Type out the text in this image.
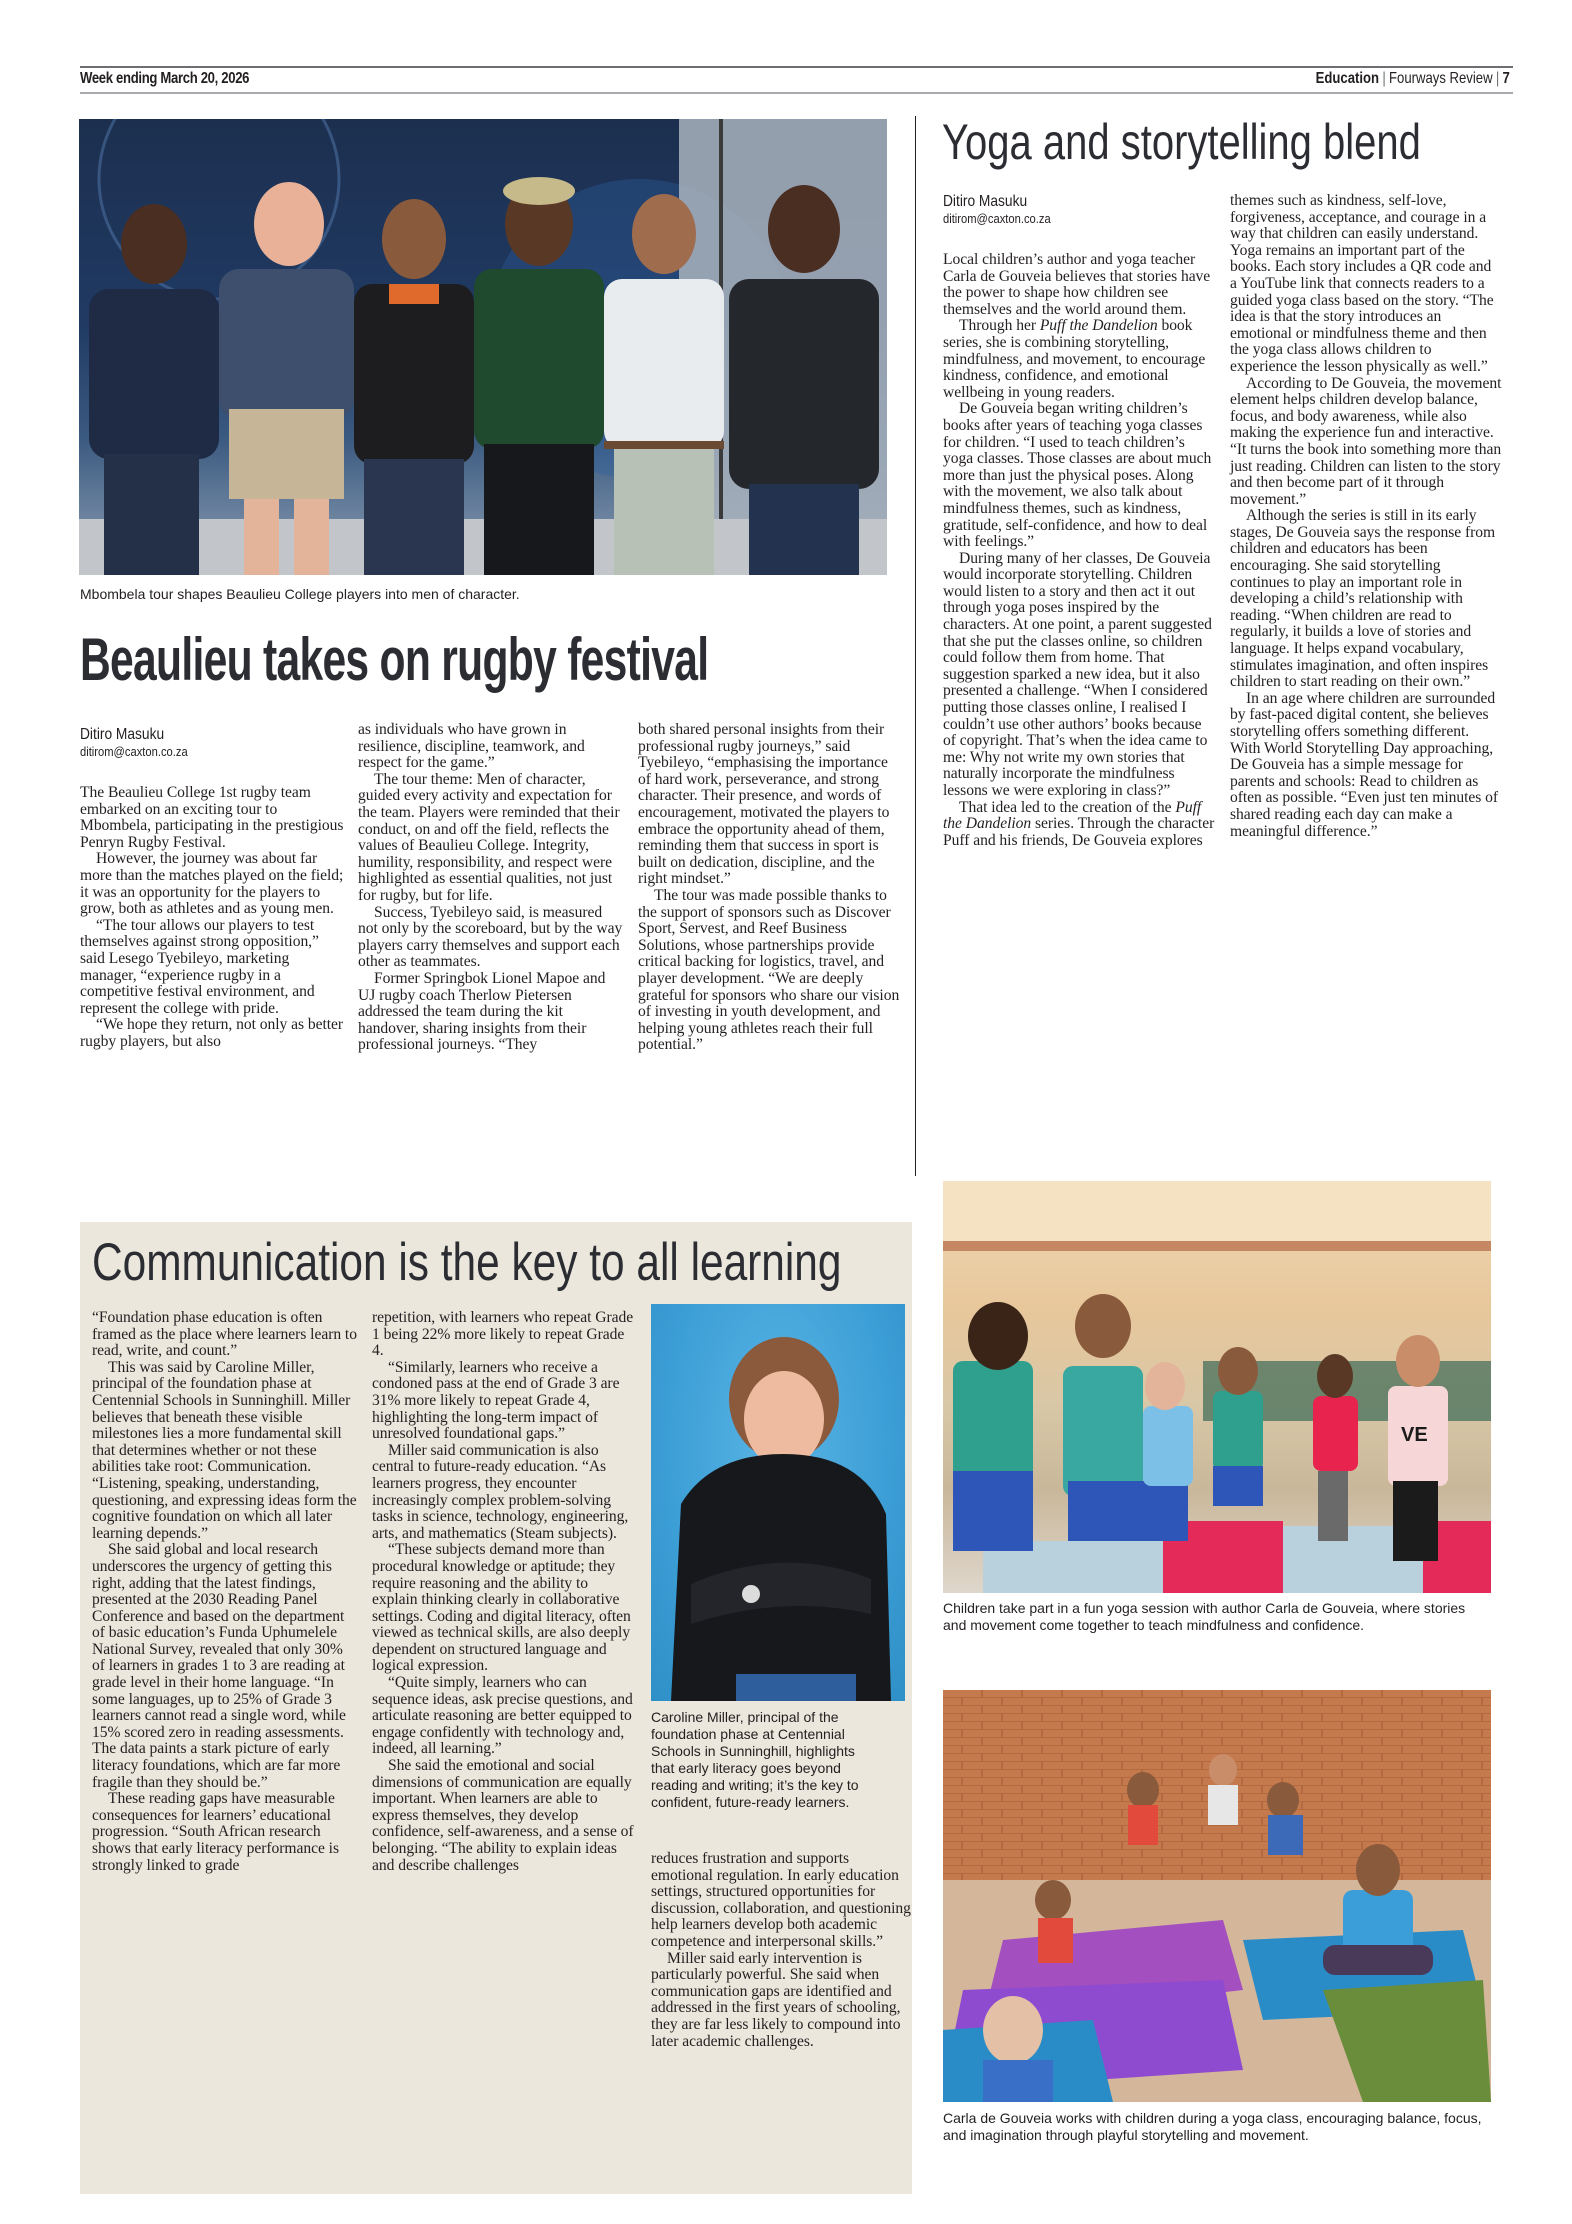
Week ending March 20, 2026	Education | Fourways Review | 7
Mbombela tour shapes Beaulieu College players into men of character.
Beaulieu takes on rugby festival
Ditiro Masuku
ditirom@caxton.co.za

The Beaulieu College 1st rugby team embarked on an exciting tour to Mbombela, participating in the prestigious Penryn Rugby Festival.

However, the journey was about far more than the matches played on the field; it was an opportunity for the players to grow, both as athletes and as young men.

“The tour allows our players to test themselves against strong opposition,” said Lesego Tyebileyo, marketing manager, “experience rugby in a competitive festival environment, and represent the college with pride.

“We hope they return, not only as better rugby players, but also

as individuals who have grown in resilience, discipline, teamwork, and respect for the game.”

The tour theme: Men of character, guided every activity and expectation for the team. Players were reminded that their conduct, on and off the field, reflects the values of Beaulieu College. Integrity, humility, responsibility, and respect were highlighted as essential qualities, not just for rugby, but for life.

Success, Tyebileyo said, is measured not only by the scoreboard, but by the way players carry themselves and support each other as teammates.

Former Springbok Lionel Mapoe and UJ rugby coach Therlow Pietersen addressed the team during the kit handover, sharing insights from their professional journeys. “They

both shared personal insights from their professional rugby journeys,” said Tyebileyo, “emphasising the importance of hard work, perseverance, and strong character. Their presence, and words of encouragement, motivated the players to embrace the opportunity ahead of them, reminding them that success in sport is built on dedication, discipline, and the right mindset.”

The tour was made possible thanks to the support of sponsors such as Discover Sport, Servest, and Reef Business Solutions, whose partnerships provide critical backing for logistics, travel, and player development. “We are deeply grateful for sponsors who share our vision of investing in youth development, and helping young athletes reach their full potential.”

Yoga and storytelling blend
Ditiro Masuku
ditirom@caxton.co.za

Local children’s author and yoga teacher Carla de Gouveia believes that stories have the power to shape how children see themselves and the world around them.

Through her Puff the Dandelion book series, she is combining storytelling, mindfulness, and movement, to encourage kindness, confidence, and emotional wellbeing in young readers.

De Gouveia began writing children’s books after years of teaching yoga classes for children. “I used to teach children’s yoga classes. Those classes are about much more than just the physical poses. Along with the movement, we also talk about mindfulness themes, such as kindness, gratitude, self-confidence, and how to deal with feelings.”

During many of her classes, De Gouveia would incorporate storytelling. Children would listen to a story and then act it out through yoga poses inspired by the characters. At one point, a parent suggested that she put the classes online, so children could follow them from home. That suggestion sparked a new idea, but it also presented a challenge. “When I considered putting those classes online, I realised I couldn’t use other authors’ books because of copyright. That’s when the idea came to me: Why not write my own stories that naturally incorporate the mindfulness lessons we were exploring in class?”

That idea led to the creation of the Puff the Dandelion series. Through the character Puff and his friends, De Gouveia explores

themes such as kindness, self-love, forgiveness, acceptance, and courage in a way that children can easily understand. Yoga remains an important part of the books. Each story includes a QR code and a YouTube link that connects readers to a guided yoga class based on the story. “The idea is that the story introduces an emotional or mindfulness theme and then the yoga class allows children to experience the lesson physically as well.”

According to De Gouveia, the movement element helps children develop balance, focus, and body awareness, while also making the experience fun and interactive. “It turns the book into something more than just reading. Children can listen to the story and then become part of it through movement.”

Although the series is still in its early stages, De Gouveia says the response from children and educators has been encouraging. She said storytelling continues to play an important role in developing a child’s relationship with reading. “When children are read to regularly, it builds a love of stories and language. It helps expand vocabulary, stimulates imagination, and often inspires children to start reading on their own.”

In an age where children are surrounded by fast-paced digital content, she believes storytelling offers something different.

With World Storytelling Day approaching, De Gouveia has a simple message for parents and schools: Read to children as often as possible. “Even just ten minutes of shared reading each day can make a meaningful difference.”

VE
Children take part in a fun yoga session with author Carla de Gouveia, where stories and movement come together to teach mindfulness and confidence.
Carla de Gouveia works with children during a yoga class, encouraging balance, focus, and imagination through playful storytelling and movement.
Communication is the key to all learning

“Foundation phase education is often framed as the place where learners learn to read, write, and count.”

This was said by Caroline Miller, principal of the foundation phase at Centennial Schools in Sunninghill. Miller believes that beneath these visible milestones lies a more fundamental skill that determines whether or not these abilities take root: Communication. “Listening, speaking, understanding, questioning, and expressing ideas form the cognitive foundation on which all later learning depends.”

She said global and local research underscores the urgency of getting this right, adding that the latest findings, presented at the 2030 Reading Panel Conference and based on the department of basic education’s Funda Uphumelele National Survey, revealed that only 30% of learners in grades 1 to 3 are reading at grade level in their home language. “In some languages, up to 25% of Grade 3 learners cannot read a single word, while 15% scored zero in reading assessments. The data paints a stark picture of early literacy foundations, which are far more fragile than they should be.”

These reading gaps have measurable consequences for learners’ educational progression. “South African research shows that early literacy performance is strongly linked to grade

repetition, with learners who repeat Grade 1 being 22% more likely to repeat Grade 4.

“Similarly, learners who receive a condoned pass at the end of Grade 3 are 31% more likely to repeat Grade 4, highlighting the long-term impact of unresolved foundational gaps.”

Miller said communication is also central to future-ready education. “As learners progress, they encounter increasingly complex problem-solving tasks in science, technology, engineering, arts, and mathematics (Steam subjects).

“These subjects demand more than procedural knowledge or aptitude; they require reasoning and the ability to explain thinking clearly in collaborative settings. Coding and digital literacy, often viewed as technical skills, are also deeply dependent on structured language and logical expression.

“Quite simply, learners who can sequence ideas, ask precise questions, and articulate reasoning are better equipped to engage confidently with technology and, indeed, all learning.”

She said the emotional and social dimensions of communication are equally important. When learners are able to express themselves, they develop confidence, self-awareness, and a sense of belonging. “The ability to explain ideas and describe challenges

Caroline Miller, principal of the
foundation phase at Centennial
Schools in Sunninghill, highlights
that early literacy goes beyond
reading and writing; it’s the key to
confident, future-ready learners.

reduces frustration and supports emotional regulation. In early education settings, structured opportunities for discussion, collaboration, and questioning help learners develop both academic competence and interpersonal skills.”

Miller said early intervention is particularly powerful. She said when communication gaps are identified and addressed in the first years of schooling, they are far less likely to compound into later academic challenges.
